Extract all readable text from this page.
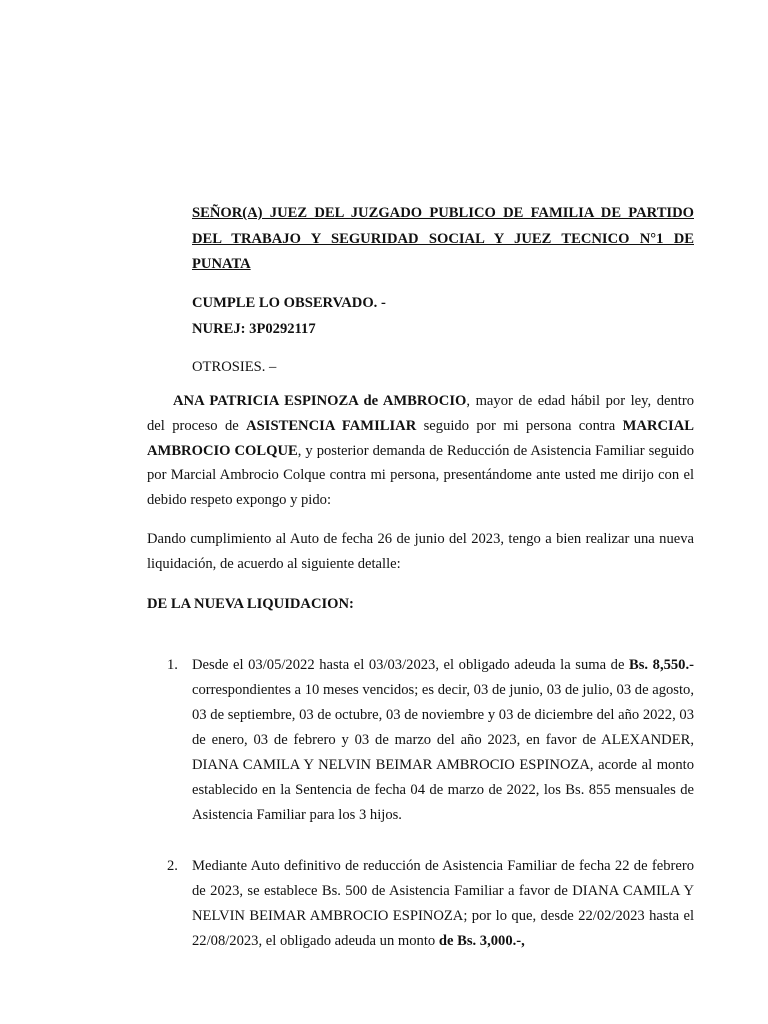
SEÑOR(A) JUEZ DEL JUZGADO PUBLICO DE FAMILIA DE PARTIDO DEL TRABAJO Y SEGURIDAD SOCIAL Y JUEZ TECNICO N°1 DE PUNATA
CUMPLE LO OBSERVADO. -
NUREJ: 3P0292117
OTROSIES. –
ANA PATRICIA ESPINOZA de AMBROCIO, mayor de edad hábil por ley, dentro del proceso de ASISTENCIA FAMILIAR seguido por mi persona contra MARCIAL AMBROCIO COLQUE, y posterior demanda de Reducción de Asistencia Familiar seguido por Marcial Ambrocio Colque contra mi persona, presentándome ante usted me dirijo con el debido respeto expongo y pido:
Dando cumplimiento al Auto de fecha 26 de junio del 2023, tengo a bien realizar una nueva liquidación, de acuerdo al siguiente detalle:
DE LA NUEVA LIQUIDACION:
1. Desde el 03/05/2022 hasta el 03/03/2023, el obligado adeuda la suma de Bs. 8,550.- correspondientes a 10 meses vencidos; es decir, 03 de junio, 03 de julio, 03 de agosto, 03 de septiembre, 03 de octubre, 03 de noviembre y 03 de diciembre del año 2022, 03 de enero, 03 de febrero y 03 de marzo del año 2023, en favor de ALEXANDER, DIANA CAMILA Y NELVIN BEIMAR AMBROCIO ESPINOZA, acorde al monto establecido en la Sentencia de fecha 04 de marzo de 2022, los Bs. 855 mensuales de Asistencia Familiar para los 3 hijos.
2. Mediante Auto definitivo de reducción de Asistencia Familiar de fecha 22 de febrero de 2023, se establece Bs. 500 de Asistencia Familiar a favor de DIANA CAMILA Y NELVIN BEIMAR AMBROCIO ESPINOZA; por lo que, desde 22/02/2023 hasta el 22/08/2023, el obligado adeuda un monto de Bs. 3,000.-,
